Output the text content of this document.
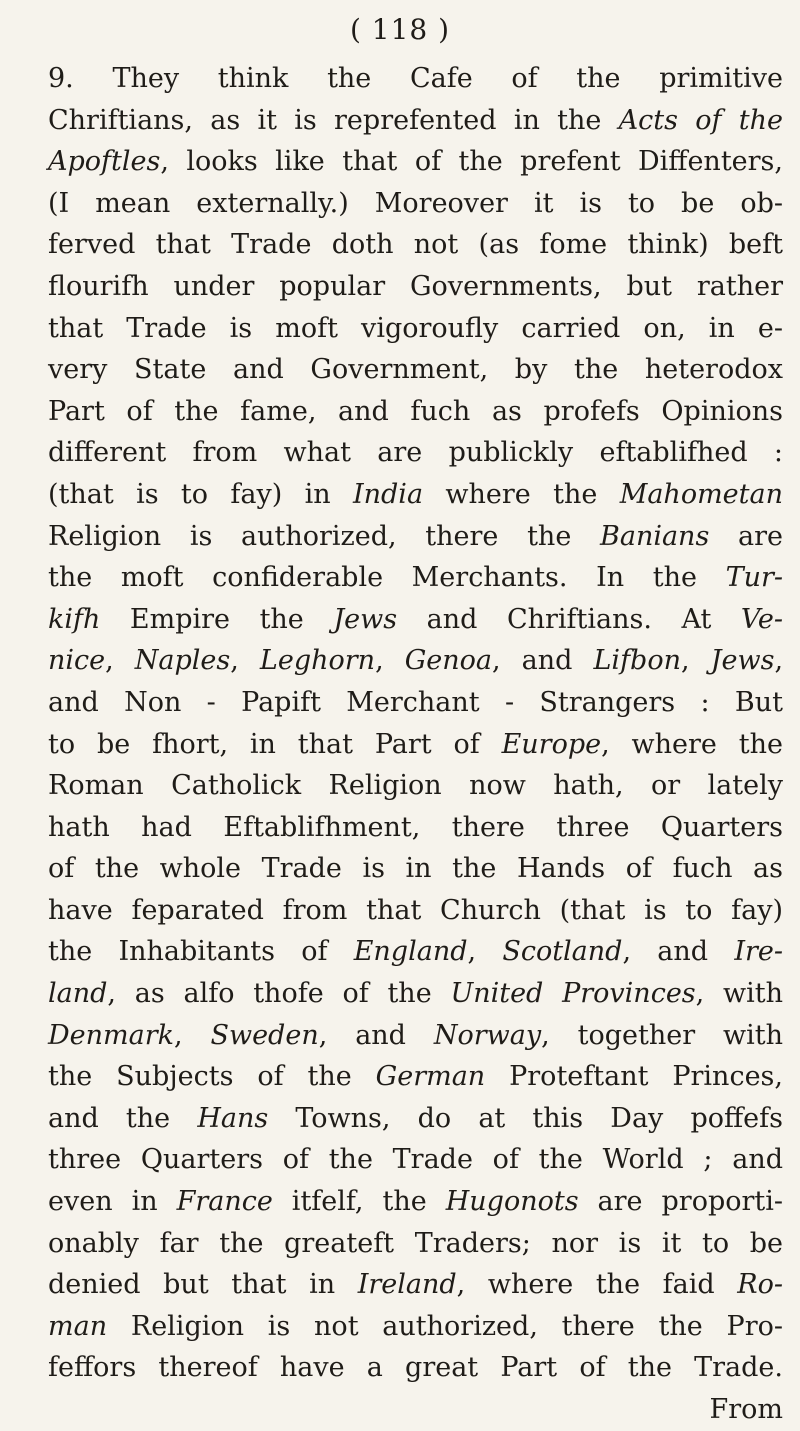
( 118 )
9. They think the Cafe of the primitive
Chriftians, as it is reprefented in the Acts of the
Apoftles, looks like that of the prefent Diffenters,
(I mean externally.) Moreover it is to be ob-
ferved that Trade doth not (as fome think) beft
flourifh under popular Governments, but rather
that Trade is moft vigoroufly carried on, in e-
very State and Government, by the heterodox
Part of the fame, and fuch as profefs Opinions
different from what are publickly eftablifhed :
(that is to fay) in India where the Mahometan
Religion is authorized, there the Banians are
the moft confiderable Merchants. In the Tur-
kifh Empire the Jews and Chriftians. At Ve-
nice, Naples, Leghorn, Genoa, and Lifbon, Jews,
and Non - Papift Merchant - Strangers : But
to be fhort, in that Part of Europe, where the
Roman Catholick Religion now hath, or lately
hath had Eftablifhment, there three Quarters
of the whole Trade is in the Hands of fuch as
have feparated from that Church (that is to fay)
the Inhabitants of England, Scotland, and Ire-
land, as alfo thofe of the United Provinces, with
Denmark, Sweden, and Norway, together with
the Subjects of the German Proteftant Princes,
and the Hans Towns, do at this Day poffefs
three Quarters of the Trade of the World ; and
even in France itfelf, the Hugonots are proporti-
onably far the greateft Traders; nor is it to be
denied but that in Ireland, where the faid Ro-
man Religion is not authorized, there the Pro-
feffors thereof have a great Part of the Trade.
From
